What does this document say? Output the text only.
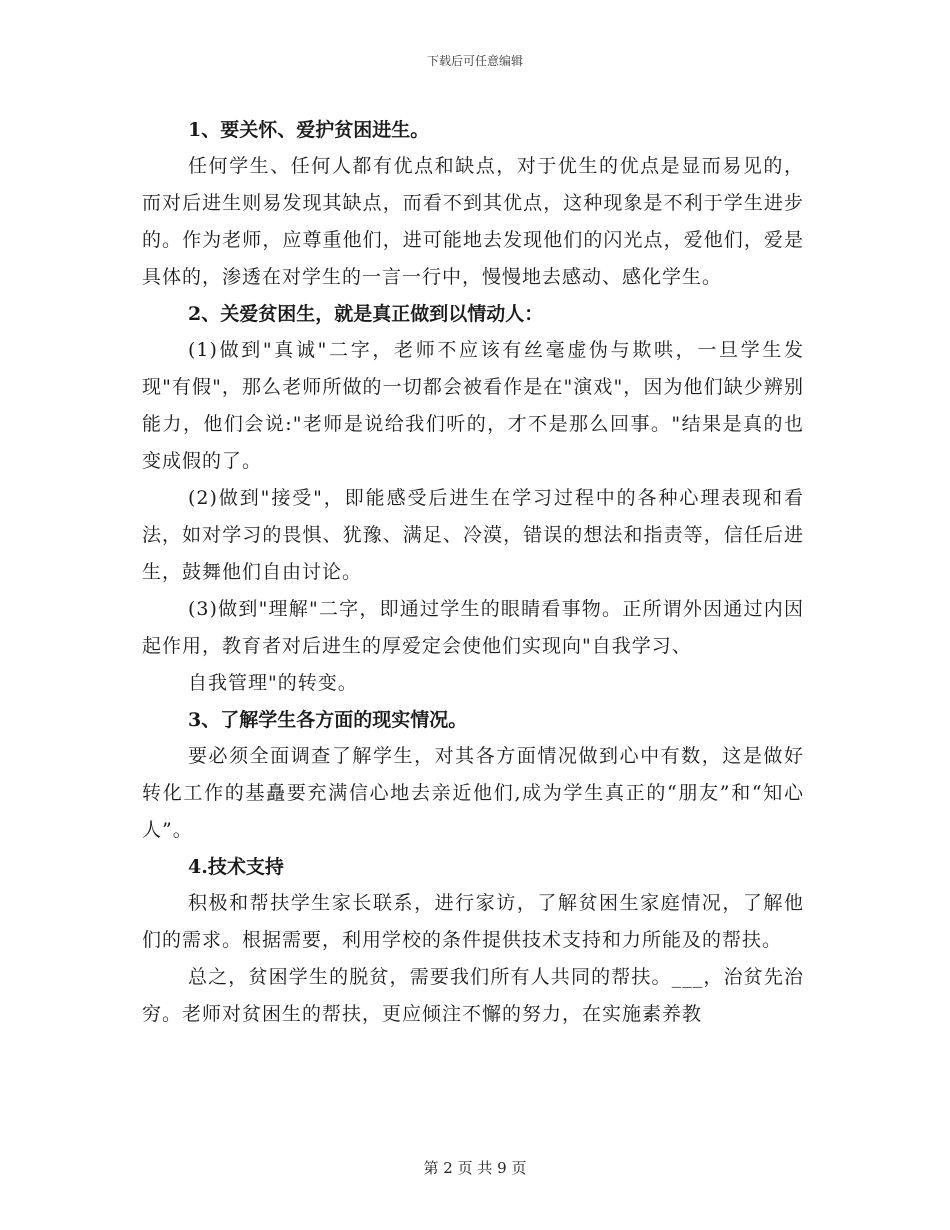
下载后可任意编辑

1、要关怀、爱护贫困进生。

任何学生、任何人都有优点和缺点，对于优生的优点是显而易见的，而对后进生则易发现其缺点，而看不到其优点，这种现象是不利于学生进步的。作为老师，应尊重他们，进可能地去发现他们的闪光点，爱他们，爱是具体的，渗透在对学生的一言一行中，慢慢地去感动、感化学生。

2、关爱贫困生，就是真正做到以情动人：

(1)做到"真诚"二字，老师不应该有丝毫虚伪与欺哄，一旦学生发现"有假"，那么老师所做的一切都会被看作是在"演戏"，因为他们缺少辨别能力，他们会说:"老师是说给我们听的，才不是那么回事。"结果是真的也变成假的了。

(2)做到"接受"，即能感受后进生在学习过程中的各种心理表现和看法，如对学习的畏惧、犹豫、满足、冷漠，错误的想法和指责等，信任后进生，鼓舞他们自由讨论。

(3)做到"理解"二字，即通过学生的眼睛看事物。正所谓外因通过内因起作用，教育者对后进生的厚爱定会使他们实现向"自我学习、

自我管理"的转变。

3、了解学生各方面的现实情况。

要必须全面调查了解学生，对其各方面情况做到心中有数，这是做好转化工作的基矗要充满信心地去亲近他们,成为学生真正的“朋友”和“知心人”。

4.技术支持

积极和帮扶学生家长联系，进行家访，了解贫困生家庭情况，了解他们的需求。根据需要，利用学校的条件提供技术支持和力所能及的帮扶。

总之，贫困学生的脱贫，需要我们所有人共同的帮扶。___，治贫先治穷。老师对贫困生的帮扶，更应倾注不懈的努力，在实施素养教

第 2 页 共 9 页
